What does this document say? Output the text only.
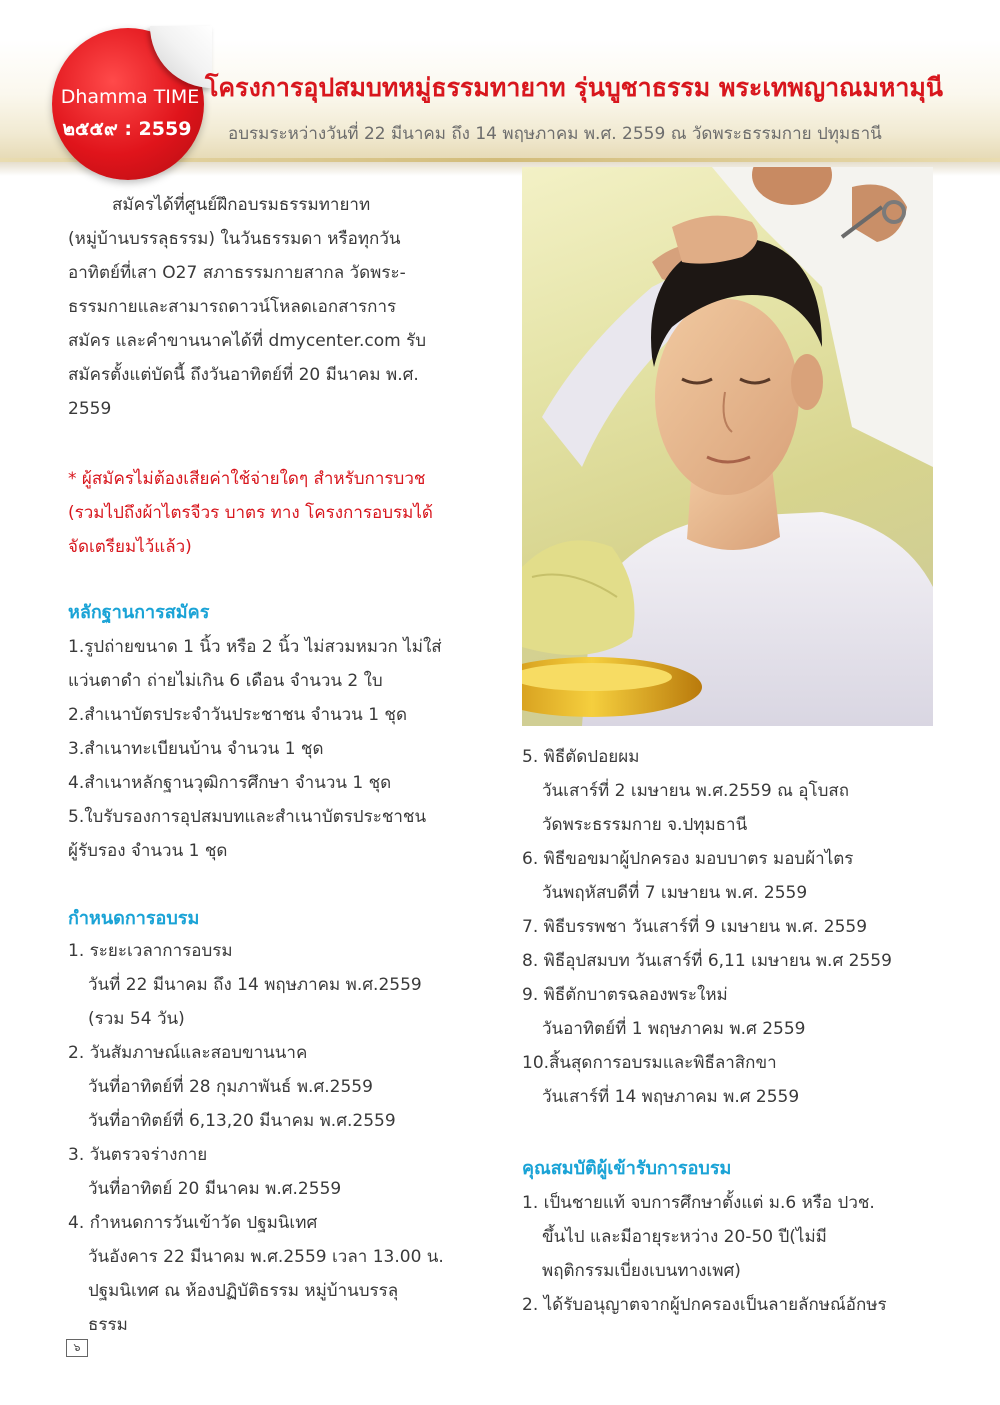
Dhamma TIME
๒๕๕๙ : 2559
โครงการอุปสมบทหมู่ธรรมทายาท รุ่นบูชาธรรม พระเทพญาณมหามุนี

อบรมระหว่างวันที่ 22 มีนาคม ถึง 14 พฤษภาคม พ.ศ. 2559 ณ วัดพระธรรมกาย ปทุมธานี

สมัครได้ที่ศูนย์ฝึกอบรมธรรมทายาท
(หมู่บ้านบรรลุธรรม) ในวันธรรมดา หรือทุกวัน
อาทิตย์ที่เสา O27 สภาธรรมกายสากล วัดพระ-
ธรรมกายและสามารถดาวน์โหลดเอกสารการ
สมัคร และคำขานนาคได้ที่ dmycenter.com รับ
สมัครตั้งแต่บัดนี้ ถึงวันอาทิตย์ที่ 20 มีนาคม พ.ศ.
2559

* ผู้สมัครไม่ต้องเสียค่าใช้จ่ายใดๆ สำหรับการบวช
(รวมไปถึงผ้าไตรจีวร บาตร ทาง โครงการอบรมได้
จัดเตรียมไว้แล้ว)

หลักฐานการสมัคร
1.รูปถ่ายขนาด 1 นิ้ว หรือ 2 นิ้ว ไม่สวมหมวก ไม่ใส่
แว่นตาดำ ถ่ายไม่เกิน 6 เดือน จำนวน 2 ใบ
2.สำเนาบัตรประจำวันประชาชน จำนวน 1 ชุด
3.สำเนาทะเบียนบ้าน จำนวน 1 ชุด
4.สำเนาหลักฐานวุฒิการศึกษา จำนวน 1 ชุด
5.ใบรับรองการอุปสมบทและสำเนาบัตรประชาชน
ผู้รับรอง จำนวน 1 ชุด
กำหนดการอบรม
1. ระยะเวลาการอบรม
วันที่ 22 มีนาคม ถึง 14 พฤษภาคม พ.ศ.2559
(รวม 54 วัน)
2. วันสัมภาษณ์และสอบขานนาค
วันที่อาทิตย์ที่ 28 กุมภาพันธ์ พ.ศ.2559
วันที่อาทิตย์ที่ 6,13,20 มีนาคม พ.ศ.2559
3. วันตรวจร่างกาย
วันที่อาทิตย์ 20 มีนาคม พ.ศ.2559
4. กำหนดการวันเข้าวัด ปฐมนิเทศ
วันอังคาร 22 มีนาคม พ.ศ.2559 เวลา 13.00 น.
ปฐมนิเทศ ณ ห้องปฏิบัติธรรม หมู่บ้านบรรลุ
ธรรม
5. พิธีตัดปอยผม
วันเสาร์ที่ 2 เมษายน พ.ศ.2559 ณ อุโบสถ
วัดพระธรรมกาย จ.ปทุมธานี
6. พิธีขอขมาผู้ปกครอง มอบบาตร มอบผ้าไตร
วันพฤหัสบดีที่ 7 เมษายน พ.ศ. 2559
7. พิธีบรรพชา วันเสาร์ที่ 9 เมษายน พ.ศ. 2559
8. พิธีอุปสมบท วันเสาร์ที่ 6,11 เมษายน พ.ศ 2559
9. พิธีตักบาตรฉลองพระใหม่
วันอาทิตย์ที่ 1 พฤษภาคม พ.ศ 2559
10.สิ้นสุดการอบรมและพิธีลาสิกขา
วันเสาร์ที่ 14 พฤษภาคม พ.ศ 2559
คุณสมบัติผู้เข้ารับการอบรม
1. เป็นชายแท้ จบการศึกษาตั้งแต่ ม.6 หรือ ปวช.
ขึ้นไป และมีอายุระหว่าง 20-50 ปี(ไม่มี
พฤติกรรมเบี่ยงเบนทางเพศ)
2. ได้รับอนุญาตจากผู้ปกครองเป็นลายลักษณ์อักษร
๖
